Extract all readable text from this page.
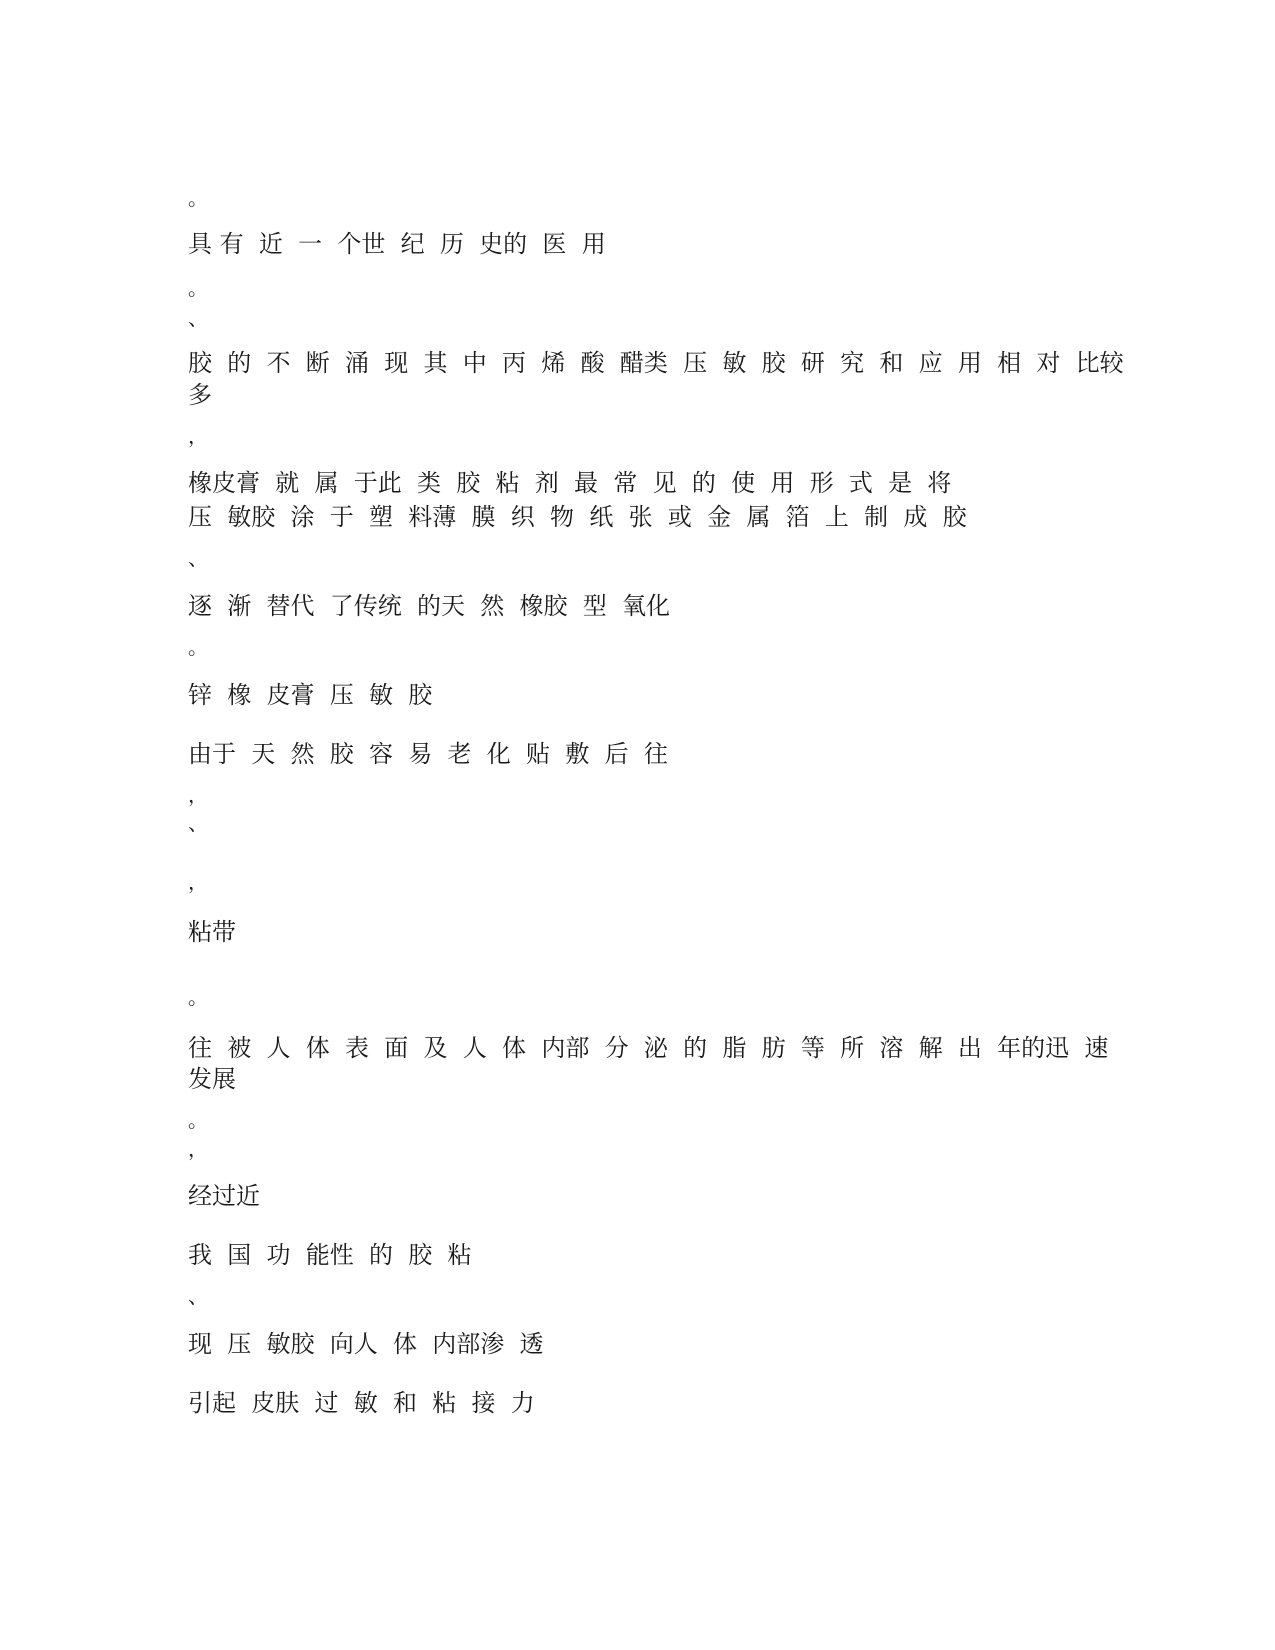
。

具 有  近  一  个世  纪  历  史的  医  用

。

、

胶  的  不  断  涌  现  其  中  丙  烯  酸  醋类  压  敏  胶  研  究  和  应  用  相  对  比较

多

，

橡皮膏  就  属  于此  类  胶  粘  剂  最  常  见  的  使  用  形  式  是  将

压  敏胶  涂  于  塑  料薄  膜  织  物  纸  张  或  金  属  箔  上  制  成  胶

、

逐  渐  替代  了传统  的天  然  橡胶  型  氧化

。

锌  橡  皮膏  压  敏  胶

由于  天  然  胶  容  易  老  化  贴  敷  后  往

，

、

，

粘带

。

往  被  人  体  表  面  及  人  体  内部  分  泌  的  脂  肪  等  所  溶  解  出  年的迅  速

发展

。

，

经过近

我  国  功  能性  的  胶  粘

、

现  压  敏胶  向人  体  内部渗  透

引起  皮肤  过  敏  和  粘  接  力
